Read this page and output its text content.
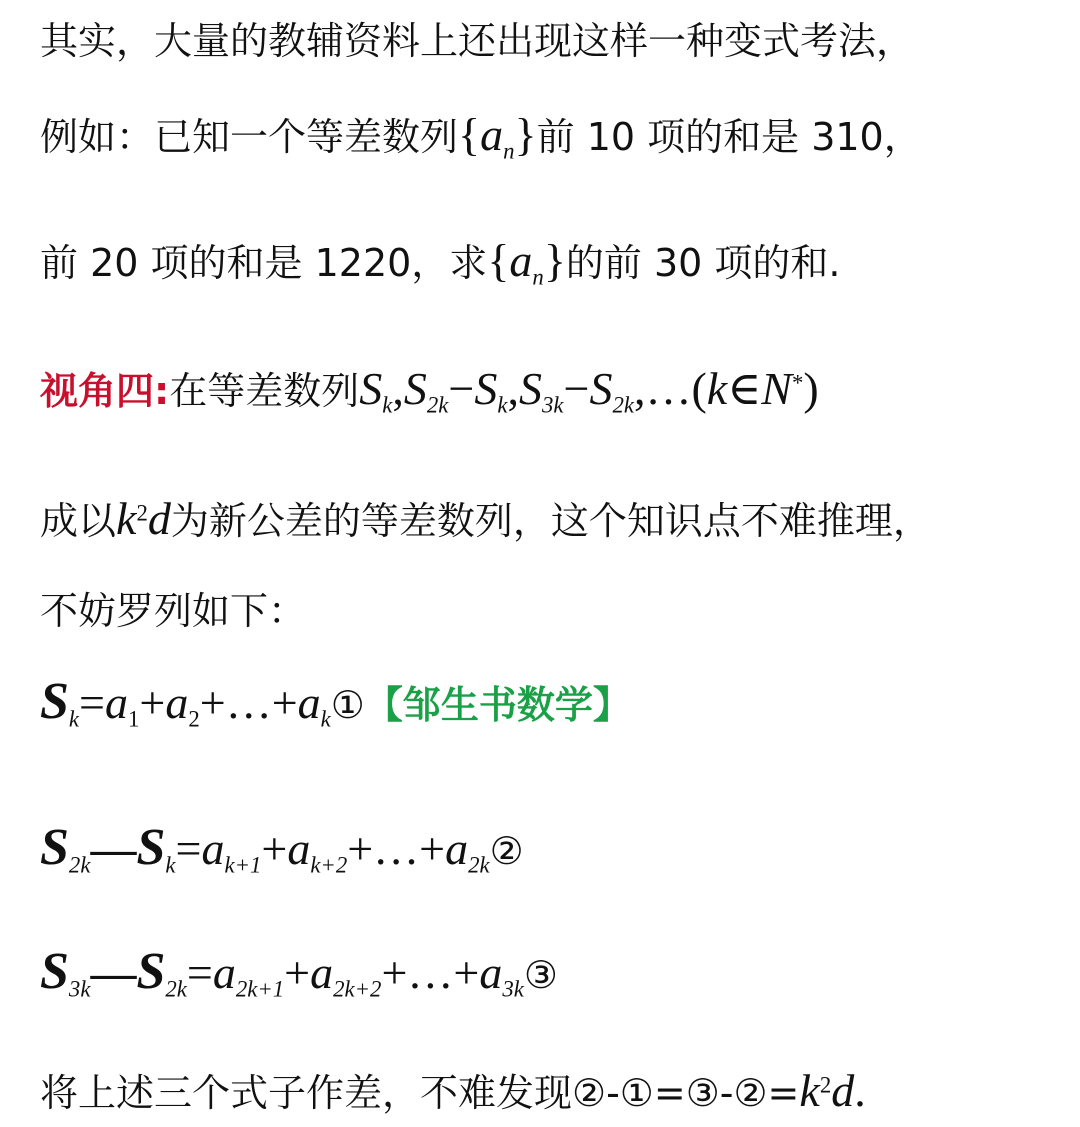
其实，大量的教辅资料上还出现这样一种变式考法，
例如：已知一个等差数列$\{a_n\}$前 10 项的和是 310，
前 20 项的和是 1220，求$\{a_n\}$的前 30 项的和.
视角四:在等差数列$S_k,S_{2k}-S_k,S_{3k}-S_{2k},\dots(k\in N^*)$
成以$k^2d$为新公差的等差数列，这个知识点不难推理，
不妨罗列如下：
$S_k=a_1+a_2+\dots+a_k①$【邹生书数学】
$S_{2k}—S_k=a_{k+1}+a_{k+2}+\dots+a_{2k}②$
$S_{3k}—S_{2k}=a_{2k+1}+a_{2k+2}+\dots+a_{3k}③$
将上述三个式子作差，不难发现$②-①=③-②=k^2d$.
